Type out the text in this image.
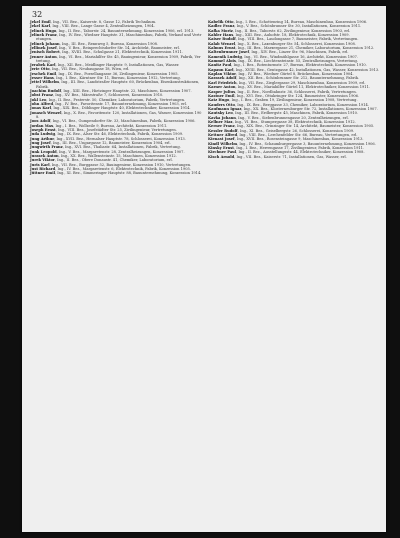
32

Jekel Emil, Ing., VII. Bez., Kaiserstr. 8, Gasse 12, Fabrik Technikum.

Jekel Karl, Ing., VIII. Bez., Lange Gasse 4, Zentralheizungen, 1904.

Jelinek Hugo, Ing., II. Bez., Taborstr. 24, Bauunternehmung, Konzession 1906, erl. 1913.

Jelinek Franz, Ing., IV. Bez., Wiedner Hauptstr. 31, Maschinenbau, Fabrik, Verkauf und Vertretungen.

Jelinek Johann, Ing., III. Bez., Rennweg 5, Bureau, Konzession 1908.

Jellinek Josef, Ing., V. Bez., Reinprechtsdorfer Str. 14, Architekt, Baumeister, erl.

Jenisch Robert, Ing., XVIII. Bez., Schulgasse 21, Elektrotechnik, Konzession 1911.

Jenner Anton, Ing., VI. Bez., Mariahilfer Str. 45, Bauingenieur, Konzession 1909, Fabrik, Vertretung.

Jerabek Karl, Ing., XII. Bez., Meidlinger Hauptstr. 9, Installationen, Gas, Wasser.

Jerie Otto, Ing., VII. Bez., Neubaugasse 18, Wien, erl.

Jeschek Emil, Ing., IX. Bez., Porzellangasse 36, Zivilingenieur, Konzession 1905.

Jesser Hans, Ing., I. Bez., Kärntner Str. 11, Bureau, Konzession 1912, Vertretung.

Jettel Wilhelm, Ing., III. Bez., Landstraßer Hauptstr. 60, Brückenbau, Eisenkonstruktionen, Fabrik.

Joachim Rudolf, Ing., XIII. Bez., Hietzinger Hauptstr. 22, Maschinen, Konzession 1907.

Jobst Franz, Ing., XV. Bez., Märzstraße 7, Schlosserei, Konzession 1910.

Jokl Leo, Ing., II. Bez., Praterstr. 50, Chemiker, Laboratorium, Fabrik, Vertretungen.

John Alfred, Ing., IV. Bez., Favoritenstr. 17, Bauunternehmung, Konzession 1903, erl.

Jonas Karl, Ing., XIX. Bez., Döblinger Hauptstr. 40, Elektrotechniker, Konzession 1914.

Jonasch Wenzel, Ing., X. Bez., Favoritenstr. 120, Installationen, Gas, Wasser, Konzession 1908.

Joos Adolf, Ing., VI. Bez., Gumpendorfer Str. 33, Maschinenbau, Fabrik, Konzession 1906.

Jordan Max, Ing., I. Bez., Wollzeile 9, Bureau, Architekt, Konzession 1911.

Joseph Ernst, Ing., VIII. Bez., Josefstädter Str. 25, Zivilingenieur, Vertretungen.

Juda Ludwig, Ing., IX. Bez., Alser Str. 46, Elektrotechnik, Fabrik, Konzession 1909.

Jung Arthur, Ing., XVII. Bez., Hernalser Hauptstr. 78, Schlosserei, Konzession 1913.

Jung Josef, Ing., III. Bez., Ungargasse 12, Baumeister, Konzession 1904, erl.

Jungwirth Franz, Ing., XVI. Bez., Thaliastr. 64, Installationen, Fabrik, Vertretung.

Junk Leopold, Ing., V. Bez., Margaretenstr. 28, Zentralheizungen, Konzession 1907.

Jurasek Anton, Ing., XX. Bez., Wallensteinstr. 15, Maschinen, Konzession 1912.

Jurek Viktor, Ing., II. Bez., Obere Donaustr. 41, Chemiker, Laboratorium, erl.

Juris Karl, Ing., VII. Bez., Burggasse 52, Bauingenieur, Konzession 1910, Vertretungen.

Just Richard, Ing., IV. Bez., Margaretenstr. 6, Elektrotechnik, Fabrik, Konzession 1905.

Jüttner Emil, Ing., XI. Bez., Simmeringer Hauptstr. 88, Bauunternehmung, Konzession 1914.

Kabelik Otto, Ing., I. Bez., Schottenring 14, Bureau, Maschinenbau, Konzession 1906.

Kadlec Franz, Ing., V. Bez., Schönbrunner Str. 30, Installationen, Konzession 1911.

Kafka Moriz, Ing., II. Bez., Taborstr. 62, Zivilingenieur, Konzession 1903, erl.

Kahler Hans, Ing., XIII. Bez., Auhofstr. 18, Elektrotechnik, Konzession 1909.

Kaiser Rudolf, Ing., VIII. Bez., Laudongasse 7, Baumeister, Fabrik, Vertretungen.

Kalab Wenzel, Ing., X. Bez., Laxenburger Str. 54, Schlosserei, Konzession 1908.

Kalmus Ernst, Ing., III. Bez., Marxergasse 21, Chemiker, Laboratorium, Konzession 1912.

Kaltenbrunner Josef, Ing., XIV. Bez., Linzer Str. 96, Maschinen, Fabrik, erl.

Kamenik Ludwig, Ing., VI. Bez., Windmühlgasse 16, Architekt, Konzession 1907.

Kammel Alois, Ing., IX. Bez., Liechtensteinstr. 55, Zentralheizungen, Vertretung.

Kanitz Paul, Ing., I. Bez., Rotenturmstr. 27, Bureau, Elektrotechnik, Konzession 1910.

Kapaun Karl, Ing., XVIII. Bez., Gentzgasse 42, Installationen, Gas, Wasser, Konzession 1913.

Kaplan Viktor, Ing., IV. Bez., Wiedner Gürtel 8, Brückenbau, Konzession 1904.

Karasek Adolf, Ing., XII. Bez., Schönbrunner Str. 212, Bauunternehmung, Fabrik.

Karl Friedrich, Ing., VII. Bez., Zieglergasse 29, Maschinenbau, Konzession 1909, erl.

Karner Anton, Ing., XV. Bez., Mariahilfer Gürtel 11, Elektrotechniker, Konzession 1911.

Kasper Julius, Ing., II. Bez., Nordbahnstr. 36, Schlosserei, Fabrik, Vertretungen.

Kastner Emil, Ing., XVI. Bez., Ottakringer Str. 124, Baumeister, Konzession 1906.

Katz Hugo, Ing., I. Bez., Graben 19, Zivilingenieur, Konzession 1908, Vertretung.

Kauders Otto, Ing., IX. Bez., Berggasse 33, Chemiker, Laboratorium, Konzession 1914.

Kaufmann Ignaz, Ing., XX. Bez., Klosterneuburger Str. 72, Installationen, Konzession 1907.

Kautsky Leo, Ing., III. Bez., Erdbergstr. 45, Maschinen, Fabrik, Konzession 1910.

Kavka Johann, Ing., V. Bez., Siebenbrunnengasse 20, Zentralheizungen, erl.

Kellner Max, Ing., VI. Bez., Stumpergasse 38, Elektrotechnik, Konzession 1912.

Kerner Franz, Ing., XIX. Bez., Grinzinger Str. 14, Architekt, Baumeister, Konzession 1905.

Kessler Rudolf, Ing., XI. Bez., Geiselbergstr. 26, Schlosserei, Konzession 1909.

Kettner Alfred, Ing., VIII. Bez., Lerchenfelder Str. 66, Bureau, Vertretungen, erl.

Kienast Josef, Ing., XVII. Bez., Rosensteingasse 9, Maschinenbau, Konzession 1913.

Kindl Wilhelm, Ing., IV. Bez., Schaumburgergasse 3, Bauunternehmung, Konzession 1906.

Kinsky Ernst, Ing., I. Bez., Herrengasse 17, Zivilingenieur, Fabrik, Konzession 1911.

Kirchner Paul, Ing., II. Bez., Ausstellungsstr. 44, Elektrotechniker, Konzession 1908.

Kisch Arnold, Ing., VII. Bez., Kaiserstr. 71, Installationen, Gas, Wasser, erl.
